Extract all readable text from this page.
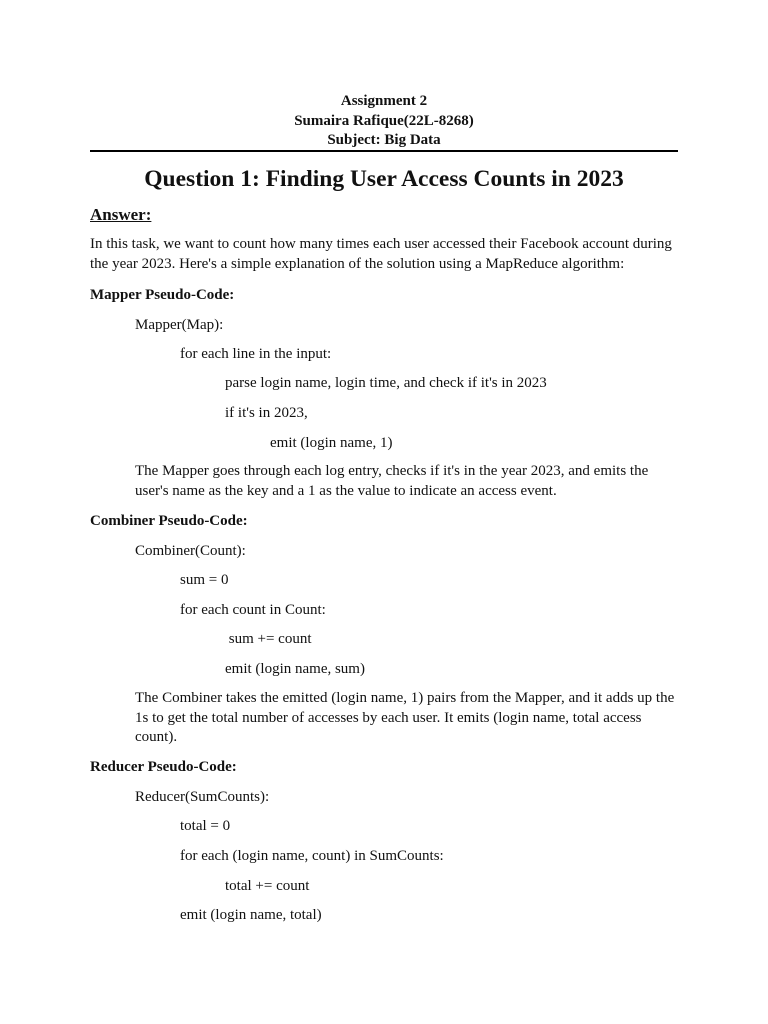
Assignment 2
Sumaira Rafique(22L-8268)
Subject: Big Data
Question 1: Finding User Access Counts in 2023
Answer:
In this task, we want to count how many times each user accessed their Facebook account during the year 2023. Here's a simple explanation of the solution using a MapReduce algorithm:
Mapper Pseudo-Code:
Mapper(Map):
for each line in the input:
parse login name, login time, and check if it's in 2023
if it's in 2023,
emit (login name, 1)
The Mapper goes through each log entry, checks if it's in the year 2023, and emits the user's name as the key and a 1 as the value to indicate an access event.
Combiner Pseudo-Code:
Combiner(Count):
sum = 0
for each count in Count:
sum += count
emit (login name, sum)
The Combiner takes the emitted (login name, 1) pairs from the Mapper, and it adds up the 1s to get the total number of accesses by each user. It emits (login name, total access count).
Reducer Pseudo-Code:
Reducer(SumCounts):
total = 0
for each (login name, count) in SumCounts:
total += count
emit (login name, total)
